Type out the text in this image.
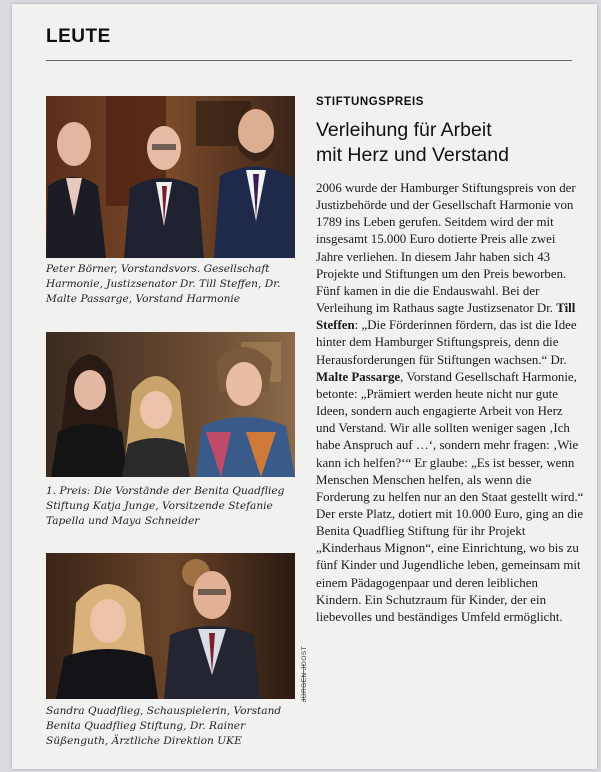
LEUTE

Peter Börner, Vorstandsvors. Gesellschaft Harmonie, Justizsenator Dr. Till Steffen, Dr. Malte Passarge, Vorstand Harmonie

1. Preis: Die Vorstände der Benita Quadflieg Stiftung Katja Junge, Vorsitzende Stefanie Tapella und Maya Schneider

Sandra Quadflieg, Schauspielerin, Vorstand Benita Quadflieg Stiftung, Dr. Rainer Süßenguth, Ärztliche Direktion UKE

JÜRGEN JOOST

STIFTUNGSPREIS

Verleihung für Arbeit
mit Herz und Verstand

2006 wurde der Hamburger Stiftungspreis von der Justizbehörde und der Gesellschaft Harmonie von 1789 ins Leben gerufen. Seitdem wird der mit insgesamt 15.000 Euro dotierte Preis alle zwei Jahre verliehen. In diesem Jahr haben sich 43 Projekte und Stiftungen um den Preis beworben. Fünf kamen in die die Endauswahl. Bei der Verleihung im Rathaus sagte Justizsenator Dr. Till Steffen: „Die Förderinnen fördern, das ist die Idee hinter dem Hamburger Stiftungspreis, denn die Herausforderungen für Stiftungen wachsen.“ Dr. Malte Passarge, Vorstand Gesellschaft Harmonie, betonte: „Prämiert werden heute nicht nur gute Ideen, sondern auch engagierte Arbeit von Herz und Verstand. Wir alle sollten weniger sagen ‚Ich habe Anspruch auf …‘, sondern mehr fragen: ‚Wie kann ich helfen?‘“ Er glaube: „Es ist besser, wenn Menschen Menschen helfen, als wenn die Forderung zu helfen nur an den Staat gestellt wird.“ Der erste Platz, dotiert mit 10.000 Euro, ging an die Benita Quadflieg Stiftung für ihr Projekt „Kinderhaus Mignon“, eine Einrichtung, wo bis zu fünf Kinder und Jugendliche leben, gemeinsam mit einem Pädagogenpaar und deren leiblichen Kindern. Ein Schutzraum für Kinder, der ein liebevolles und beständiges Umfeld ermöglicht.
